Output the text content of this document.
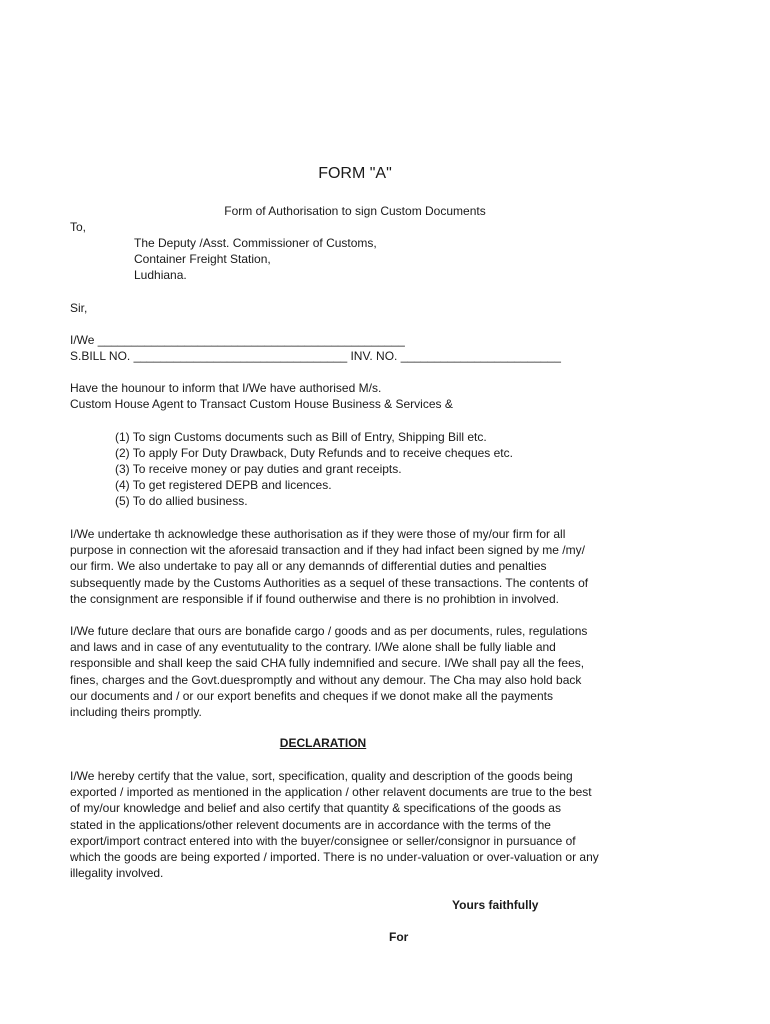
FORM "A"
Form of Authorisation to sign Custom Documents
To,

The Deputy /Asst. Commissioner of Customs,

Container Freight Station,

Ludhiana.

Sir,
I/We ______________________________________________
S.BILL NO. ________________________________ INV. NO. ________________________

Have the hounour to inform that I/We have authorised M/s.

Custom House Agent to Transact Custom House Business & Services &

(1) To sign Customs documents such as Bill of Entry, Shipping Bill etc.
(2) To apply For Duty Drawback, Duty Refunds and to receive cheques etc.
(3) To receive money or pay duties and grant receipts.
(4) To get registered DEPB and licences.
(5) To do allied business.

I/We undertake th acknowledge these authorisation as if they were those of my/our firm for all

purpose in connection wit the aforesaid transaction and if they had infact been signed by me /my/

our firm. We also undertake to pay all or any demannds of differential duties and penalties

subsequently made by the Customs Authorities as a sequel of these transactions. The contents of

the consignment are responsible if if found outherwise and there is no prohibtion in involved.

I/We future declare that ours are bonafide cargo / goods and as per documents, rules, regulations

and laws and in case of any eventutuality to the contrary. I/We alone shall be fully liable and

responsible and shall keep the said CHA fully indemnified and secure. I/We shall pay all the fees,

fines, charges and the Govt.duespromptly and without any demour. The Cha may also hold back

our documents and / or our export benefits and cheques if we donot make all the payments

including theirs promptly.

DECLARATION

I/We hereby certify that the value, sort, specification, quality and description of the goods being

exported / imported as mentioned in the application / other relavent documents are true to the best

of my/our knowledge and belief and also certify that quantity & specifications of the goods as

stated in the applications/other relevent documents are in accordance with the terms of the

export/import contract entered into with the buyer/consignee or seller/consignor in pursuance of

which the goods are being exported / imported. There is no under-valuation or over-valuation or any

illegality involved.

Yours faithfully
For
